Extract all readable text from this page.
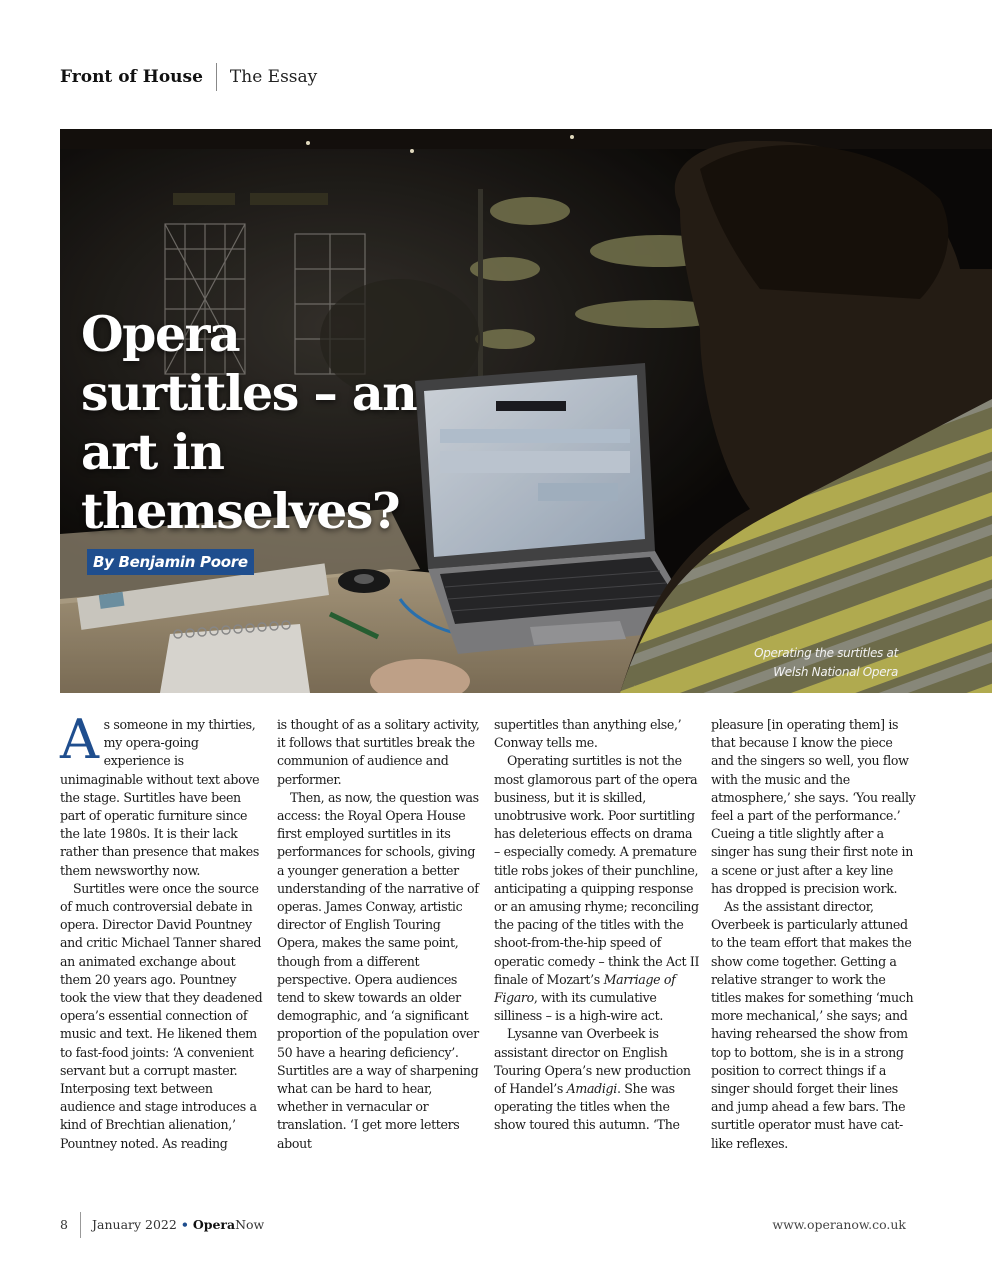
Front of House The Essay
Opera surtitles – an art in themselves?
By Benjamin Poore
Operating the surtitles at
Welsh National Opera

As someone in my thirties, my opera-going experience is unimaginable without text above the stage. Surtitles have been part of operatic furniture since the late 1980s. It is their lack rather than presence that makes them newsworthy now.

Surtitles were once the source of much controversial debate in opera. Director David Pountney and critic Michael Tanner shared an animated exchange about them 20 years ago. Pountney took the view that they deadened opera’s essential connection of music and text. He likened them to fast-food joints: ‘A convenient servant but a corrupt master. Interposing text between audience and stage introduces a kind of Brechtian alienation,’ Pountney noted. As reading

is thought of as a solitary activity, it follows that surtitles break the communion of audience and performer.

Then, as now, the question was access: the Royal Opera House first employed surtitles in its performances for schools, giving a younger generation a better understanding of the narrative of operas. James Conway, artistic director of English Touring Opera, makes the same point, though from a different perspective. Opera audiences tend to skew towards an older demographic, and ‘a significant proportion of the population over 50 have a hearing deficiency’. Surtitles are a way of sharpening what can be hard to hear, whether in vernacular or translation. ‘I get more letters about

supertitles than anything else,’ Conway tells me.

Operating surtitles is not the most glamorous part of the opera business, but it is skilled, unobtrusive work. Poor surtitling has deleterious effects on drama – especially comedy. A premature title robs jokes of their punchline, anticipating a quipping response or an amusing rhyme; reconciling the pacing of the titles with the shoot-from-the-hip speed of operatic comedy – think the Act II finale of Mozart’s Marriage of Figaro, with its cumulative silliness – is a high-wire act.

Lysanne van Overbeek is assistant director on English Touring Opera’s new production of Handel’s Amadigi. She was operating the titles when the show toured this autumn. ‘The

pleasure [in operating them] is that because I know the piece and the singers so well, you flow with the music and the atmosphere,’ she says. ‘You really feel a part of the performance.’ Cueing a title slightly after a singer has sung their first note in a scene or just after a key line has dropped is precision work.

As the assistant director, Overbeek is particularly attuned to the team effort that makes the show come together. Getting a relative stranger to work the titles makes for something ‘much more mechanical,’ she says; and having rehearsed the show from top to bottom, she is in a strong position to correct things if a singer should forget their lines and jump ahead a few bars. The surtitle operator must have cat-like reflexes.

8 January 2022 • OperaNow	www.operanow.co.uk
